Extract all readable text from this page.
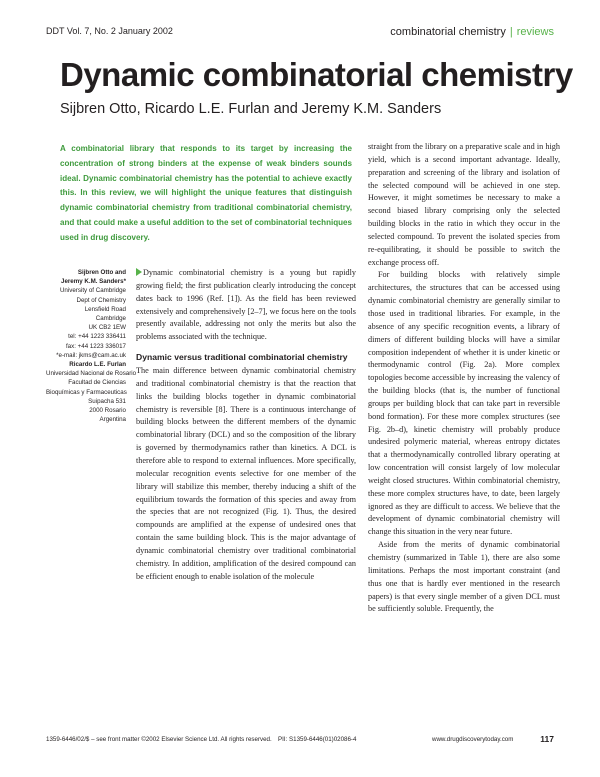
DDT Vol. 7, No. 2 January 2002	combinatorial chemistry | reviews
Dynamic combinatorial chemistry
Sijbren Otto, Ricardo L.E. Furlan and Jeremy K.M. Sanders

A combinatorial library that responds to its target by increasing the concentration of strong binders at the expense of weak binders sounds ideal. Dynamic combinatorial chemistry has the potential to achieve exactly this. In this review, we will highlight the unique features that distinguish dynamic combinatorial chemistry from traditional combinatorial chemistry, and that could make a useful addition to the set of combinatorial techniques used in drug discovery.

Sijbren Otto and
Jeremy K.M. Sanders*
University of Cambridge
Dept of Chemistry
Lensfield Road
Cambridge
UK CB2 1EW
tel: +44 1223 336411
fax: +44 1223 336017
*e-mail: jkms@cam.ac.uk
Ricardo L.E. Furlan
Universidad Nacional de Rosario
Facultad de Ciencias
Bioquímicas y Farmaceuticas
Suipacha 531
2000 Rosario
Argentina

Dynamic combinatorial chemistry is a young but rapidly growing field; the first publication clearly introducing the concept dates back to 1996 (Ref. [1]). As the field has been reviewed extensively and comprehensively [2–7], we focus here on the tools presently available, addressing not only the merits but also the problems associated with the technique.

Dynamic versus traditional combinatorial chemistry

The main difference between dynamic combinatorial chemistry and traditional combinatorial chemistry is that the reaction that links the building blocks together in dynamic combinatorial chemistry is reversible [8]. There is a continuous interchange of building blocks between the different members of the dynamic combinatorial library (DCL) and so the composition of the library is governed by thermodynamics rather than kinetics. A DCL is therefore able to respond to external influences. More specifically, molecular recognition events selective for one member of the library will stabilize this member, thereby inducing a shift of the equilibrium towards the formation of this species and away from the species that are not recognized (Fig. 1). Thus, the desired compounds are amplified at the expense of undesired ones that contain the same building block. This is the major advantage of dynamic combinatorial chemistry over traditional combinatorial chemistry. In addition, amplification of the desired compound can be efficient enough to enable isolation of the molecule

straight from the library on a preparative scale and in high yield, which is a second important advantage. Ideally, preparation and screening of the library and isolation of the selected compound will be achieved in one step. However, it might sometimes be necessary to make a second biased library comprising only the selected building blocks in the ratio in which they occur in the selected compound. To prevent the isolated species from re-equilibrating, it should be possible to switch the exchange process off.

For building blocks with relatively simple architectures, the structures that can be accessed using dynamic combinatorial chemistry are generally similar to those used in traditional libraries. For example, in the absence of any specific recognition events, a library of dimers of different building blocks will have a similar composition independent of whether it is under kinetic or thermodynamic control (Fig. 2a). More complex topologies become accessible by increasing the valency of the building blocks (that is, the number of functional groups per building block that can take part in reversible bond formation). For these more complex structures (see Fig. 2b–d), kinetic chemistry will probably produce undesired polymeric material, whereas entropy dictates that a thermodynamically controlled library operating at low concentration will consist largely of low molecular weight closed structures. Within combinatorial chemistry, these more complex structures have, to date, been largely ignored as they are difficult to access. We believe that the development of dynamic combinatorial chemistry will change this situation in the very near future.

Aside from the merits of dynamic combinatorial chemistry (summarized in Table 1), there are also some limitations. Perhaps the most important constraint (and thus one that is hardly ever mentioned in the research papers) is that every single member of a given DCL must be sufficiently soluble. Frequently, the

1359-6446/02/$ – see front matter ©2002 Elsevier Science Ltd. All rights reserved. PII: S1359-6446(01)02086-4	www.drugdiscoverytoday.com	117
